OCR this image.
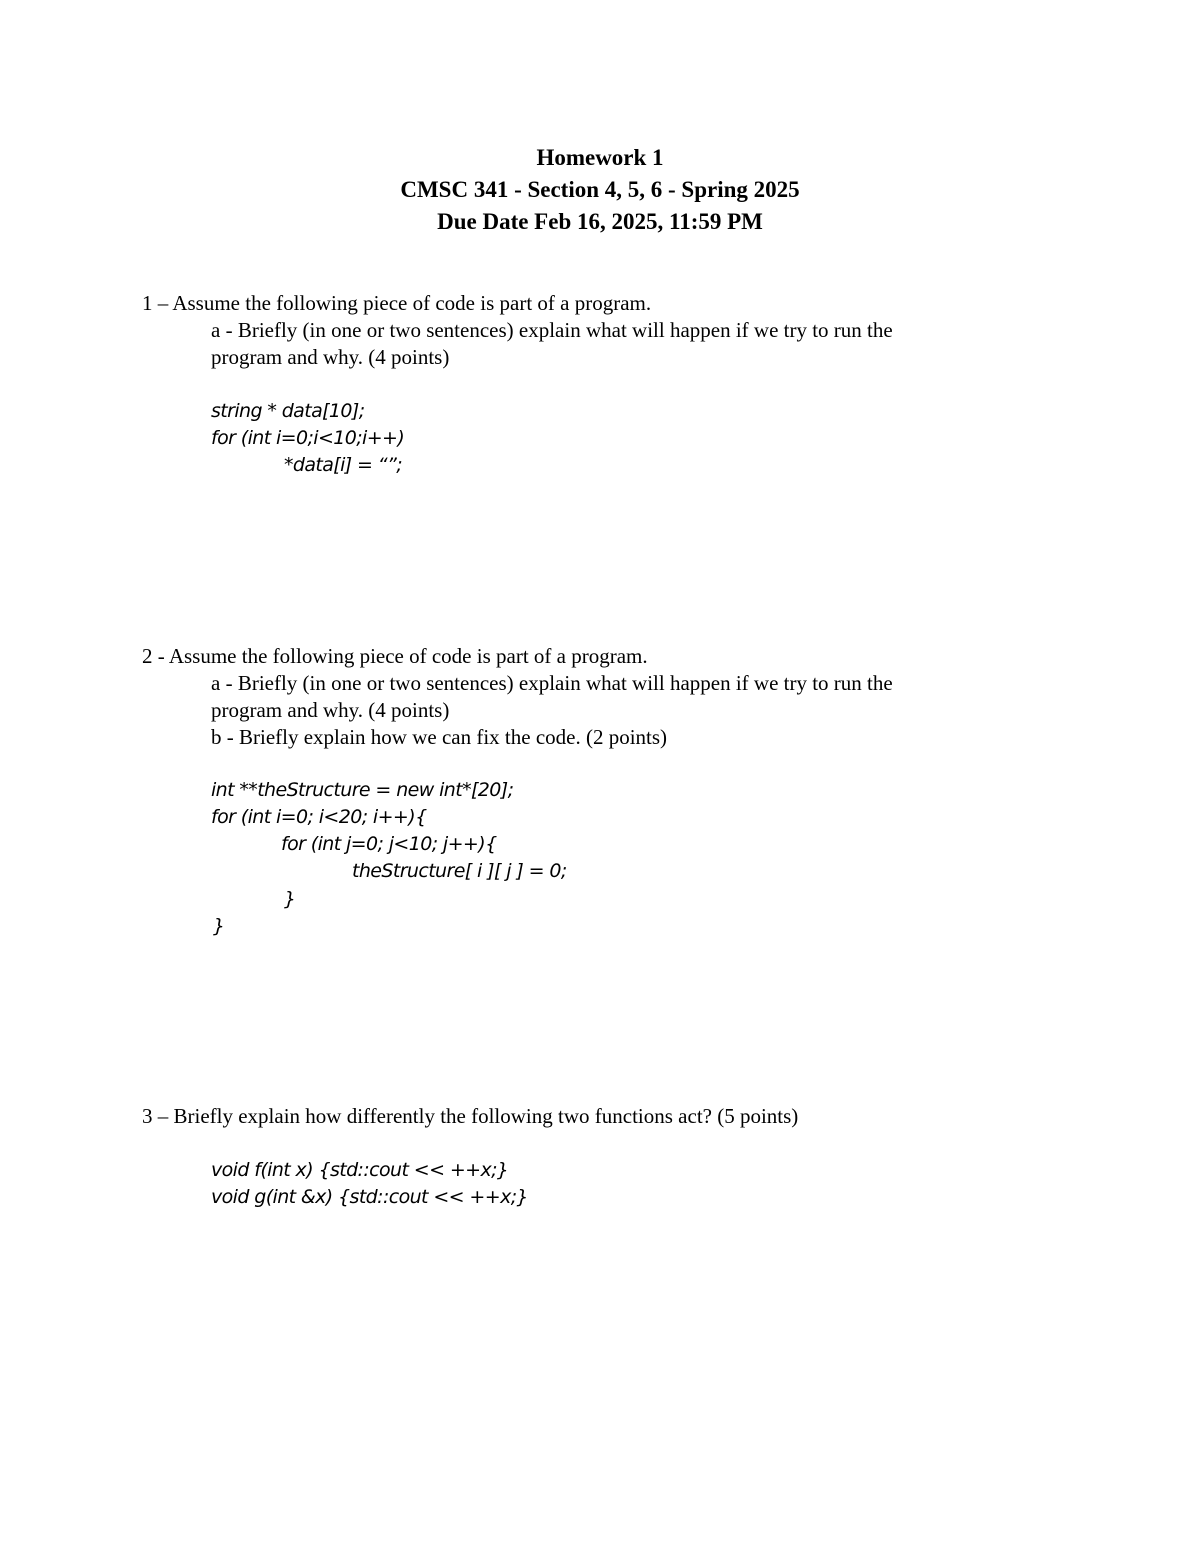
Homework 1
CMSC 341 - Section 4, 5, 6 - Spring 2025
Due Date Feb 16, 2025, 11:59 PM
1 – Assume the following piece of code is part of a program.
a - Briefly (in one or two sentences) explain what will happen if we try to run the
program and why. (4 points)
string * data[10];
for (int i=0;i<10;i++)
*data[i] = “”;
2 - Assume the following piece of code is part of a program.
a - Briefly (in one or two sentences) explain what will happen if we try to run the
program and why. (4 points)
b - Briefly explain how we can fix the code. (2 points)
int **theStructure = new int*[20];
for (int i=0; i<20; i++){
for (int j=0; j<10; j++){
theStructure[ i ][ j ] = 0;
}
}
3 – Briefly explain how differently the following two functions act? (5 points)
void f(int x) {std::cout << ++x;}
void g(int &x) {std::cout << ++x;}
